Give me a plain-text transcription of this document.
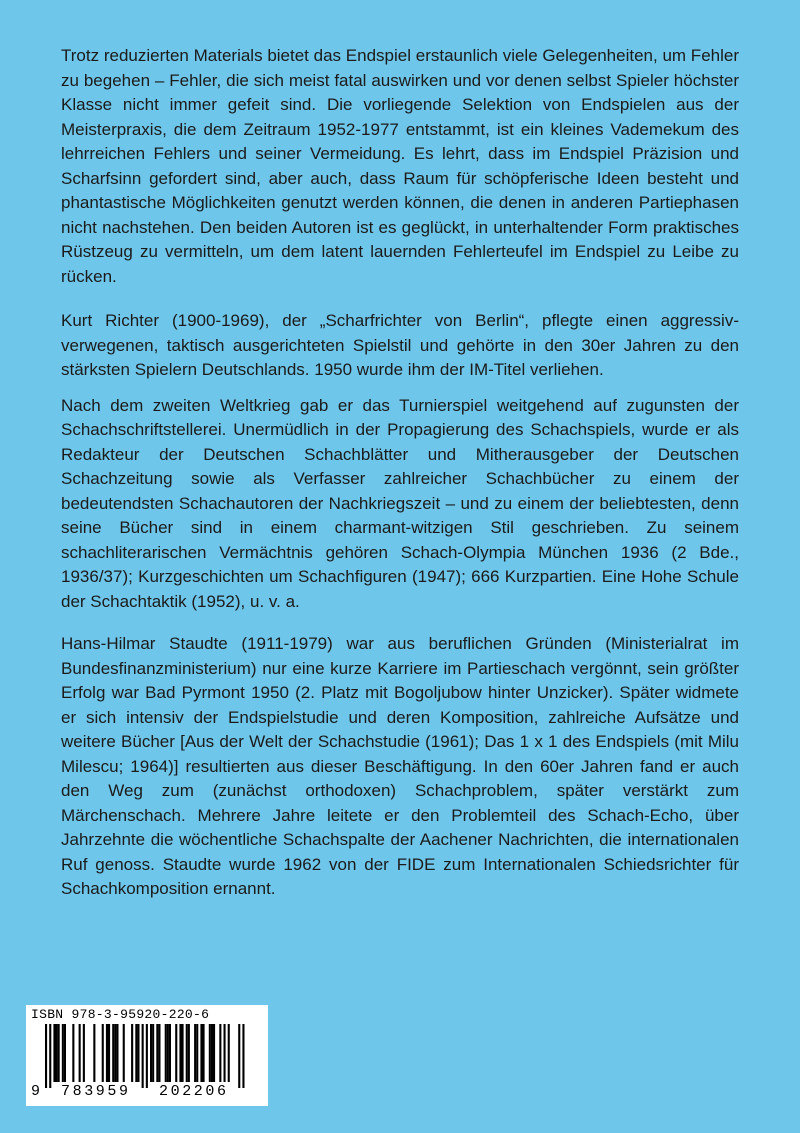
Trotz reduzierten Materials bietet das Endspiel erstaunlich viele Gelegenheiten, um Fehler zu begehen – Fehler, die sich meist fatal auswirken und vor denen selbst Spieler höchster Klasse nicht immer gefeit sind. Die vorliegende Selektion von Endspielen aus der Meisterpraxis, die dem Zeitraum 1952-1977 entstammt, ist ein kleines Vademekum des lehrreichen Fehlers und seiner Vermeidung. Es lehrt, dass im Endspiel Präzision und Scharfsinn gefordert sind, aber auch, dass Raum für schöpferische Ideen besteht und phantastische Möglichkeiten genutzt werden können, die denen in anderen Partiephasen nicht nachstehen. Den beiden Autoren ist es geglückt, in unterhaltender Form praktisches Rüstzeug zu vermitteln, um dem latent lauernden Fehlerteufel im Endspiel zu Leibe zu rücken.

Kurt Richter (1900-1969), der „Scharfrichter von Berlin“, pflegte einen aggressiv-verwegenen, taktisch ausgerichteten Spielstil und gehörte in den 30er Jahren zu den stärksten Spielern Deutschlands. 1950 wurde ihm der IM-Titel verliehen.

Nach dem zweiten Weltkrieg gab er das Turnierspiel weitgehend auf zugunsten der Schachschriftstellerei. Unermüdlich in der Propagierung des Schachspiels, wurde er als Redakteur der Deutschen Schachblätter und Mitherausgeber der Deutschen Schachzeitung sowie als Verfasser zahlreicher Schachbücher zu einem der bedeutendsten Schachautoren der Nachkriegszeit – und zu einem der beliebtesten, denn seine Bücher sind in einem charmant-witzigen Stil geschrieben. Zu seinem schachliterarischen Vermächtnis gehören Schach-Olympia München 1936 (2 Bde., 1936/37); Kurzgeschichten um Schachfiguren (1947); 666 Kurzpartien. Eine Hohe Schule der Schachtaktik (1952), u. v. a.

Hans-Hilmar Staudte (1911-1979) war aus beruflichen Gründen (Ministerialrat im Bundesfinanzministerium) nur eine kurze Karriere im Partieschach vergönnt, sein größter Erfolg war Bad Pyrmont 1950 (2. Platz mit Bogoljubow hinter Unzicker). Später widmete er sich intensiv der Endspielstudie und deren Komposition, zahlreiche Aufsätze und weitere Bücher [Aus der Welt der Schachstudie (1961); Das 1 x 1 des Endspiels (mit Milu Milescu; 1964)] resultierten aus dieser Beschäftigung. In den 60er Jahren fand er auch den Weg zum (zunächst orthodoxen) Schachproblem, später verstärkt zum Märchenschach. Mehrere Jahre leitete er den Problemteil des Schach-Echo, über Jahrzehnte die wöchentliche Schachspalte der Aachener Nachrichten, die internationalen Ruf genoss. Staudte wurde 1962 von der FIDE zum Internationalen Schiedsrichter für Schachkomposition ernannt.

ISBN 978-3-95920-220-6
9 783959 202206
